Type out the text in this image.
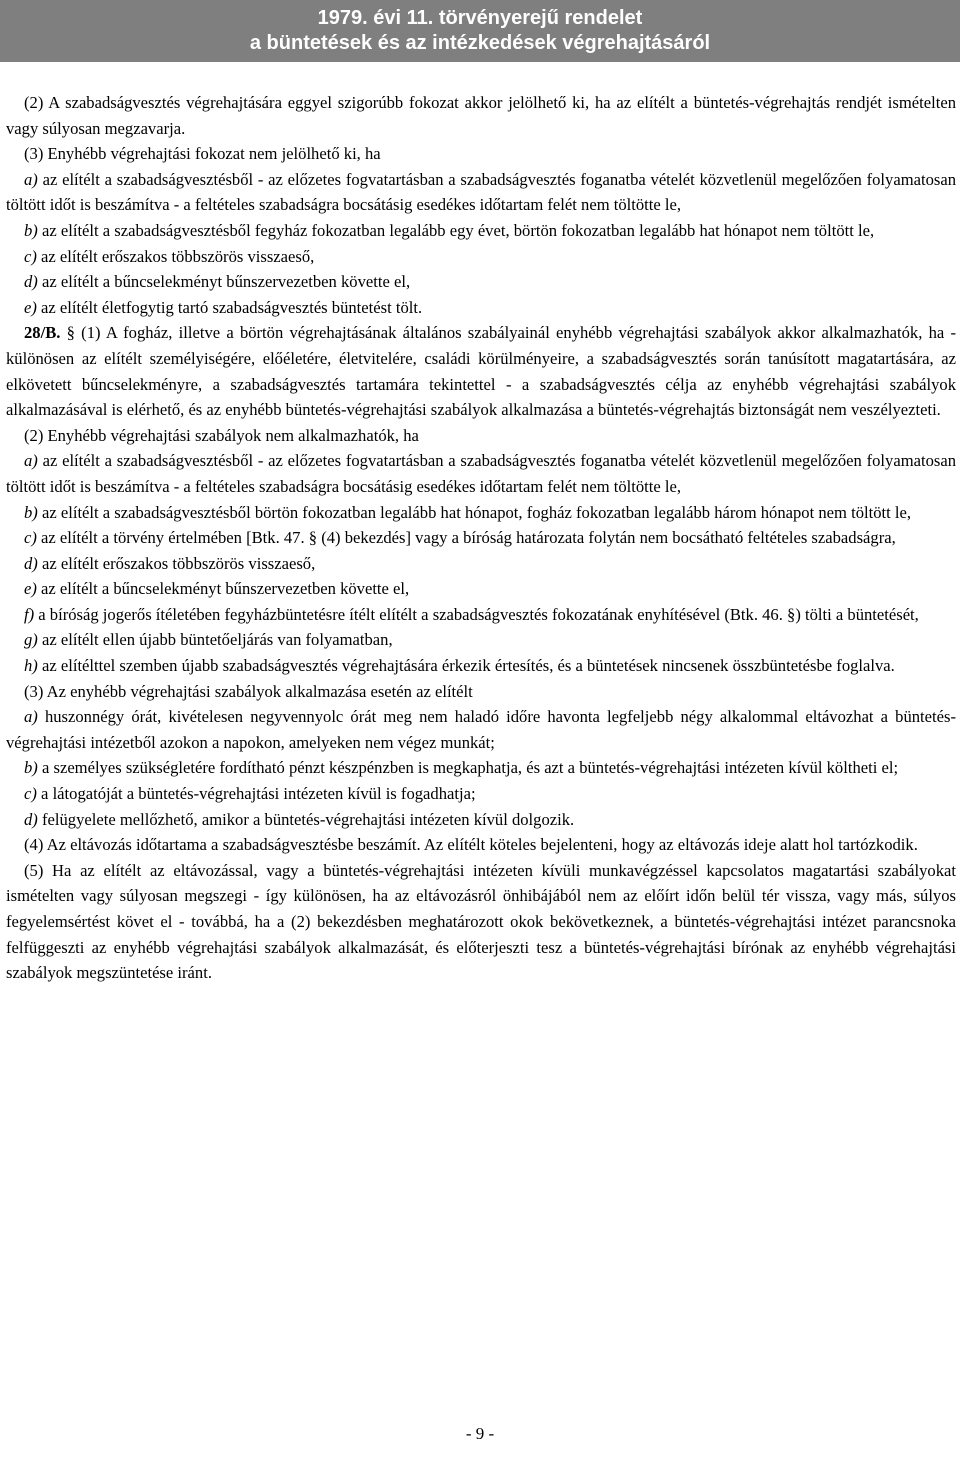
1979. évi 11. törvényerejű rendelet
a büntetések és az intézkedések végrehajtásáról

(2) A szabadságvesztés végrehajtására eggyel szigorúbb fokozat akkor jelölhető ki, ha az elítélt a büntetés-végrehajtás rendjét ismételten vagy súlyosan megzavarja.

(3) Enyhébb végrehajtási fokozat nem jelölhető ki, ha

a) az elítélt a szabadságvesztésből - az előzetes fogvatartásban a szabadságvesztés foganatba vételét közvetlenül megelőzően folyamatosan töltött időt is beszámítva - a feltételes szabadságra bocsátásig esedékes időtartam felét nem töltötte le,

b) az elítélt a szabadságvesztésből fegyház fokozatban legalább egy évet, börtön fokozatban legalább hat hónapot nem töltött le,

c) az elítélt erőszakos többszörös visszaeső,

d) az elítélt a bűncselekményt bűnszervezetben követte el,

e) az elítélt életfogytig tartó szabadságvesztés büntetést tölt.

28/B. § (1) A fogház, illetve a börtön végrehajtásának általános szabályainál enyhébb végrehajtási szabályok akkor alkalmazhatók, ha - különösen az elítélt személyiségére, előéletére, életvitelére, családi körülményeire, a szabadságvesztés során tanúsított magatartására, az elkövetett bűncselekményre, a szabadságvesztés tartamára tekintettel - a szabadságvesztés célja az enyhébb végrehajtási szabályok alkalmazásával is elérhető, és az enyhébb büntetés-végrehajtási szabályok alkalmazása a büntetés-végrehajtás biztonságát nem veszélyezteti.

(2) Enyhébb végrehajtási szabályok nem alkalmazhatók, ha

a) az elítélt a szabadságvesztésből - az előzetes fogvatartásban a szabadságvesztés foganatba vételét közvetlenül megelőzően folyamatosan töltött időt is beszámítva - a feltételes szabadságra bocsátásig esedékes időtartam felét nem töltötte le,

b) az elítélt a szabadságvesztésből börtön fokozatban legalább hat hónapot, fogház fokozatban legalább három hónapot nem töltött le,

c) az elítélt a törvény értelmében [Btk. 47. § (4) bekezdés] vagy a bíróság határozata folytán nem bocsátható feltételes szabadságra,

d) az elítélt erőszakos többszörös visszaeső,

e) az elítélt a bűncselekményt bűnszervezetben követte el,

f) a bíróság jogerős ítéletében fegyházbüntetésre ítélt elítélt a szabadságvesztés fokozatának enyhítésével (Btk. 46. §) tölti a büntetését,

g) az elítélt ellen újabb büntetőeljárás van folyamatban,

h) az elítélttel szemben újabb szabadságvesztés végrehajtására érkezik értesítés, és a büntetések nincsenek összbüntetésbe foglalva.

(3) Az enyhébb végrehajtási szabályok alkalmazása esetén az elítélt

a) huszonnégy órát, kivételesen negyvennyolc órát meg nem haladó időre havonta legfeljebb négy alkalommal eltávozhat a büntetés-végrehajtási intézetből azokon a napokon, amelyeken nem végez munkát;

b) a személyes szükségletére fordítható pénzt készpénzben is megkaphatja, és azt a büntetés-végrehajtási intézeten kívül költheti el;

c) a látogatóját a büntetés-végrehajtási intézeten kívül is fogadhatja;

d) felügyelete mellőzhető, amikor a büntetés-végrehajtási intézeten kívül dolgozik.

(4) Az eltávozás időtartama a szabadságvesztésbe beszámít. Az elítélt köteles bejelenteni, hogy az eltávozás ideje alatt hol tartózkodik.

(5) Ha az elítélt az eltávozással, vagy a büntetés-végrehajtási intézeten kívüli munkavégzéssel kapcsolatos magatartási szabályokat ismételten vagy súlyosan megszegi - így különösen, ha az eltávozásról önhibájából nem az előírt időn belül tér vissza, vagy más, súlyos fegyelemsértést követ el - továbbá, ha a (2) bekezdésben meghatározott okok bekövetkeznek, a büntetés-végrehajtási intézet parancsnoka felfüggeszti az enyhébb végrehajtási szabályok alkalmazását, és előterjeszti tesz a büntetés-végrehajtási bírónak az enyhébb végrehajtási szabályok megszüntetése iránt.

- 9 -
